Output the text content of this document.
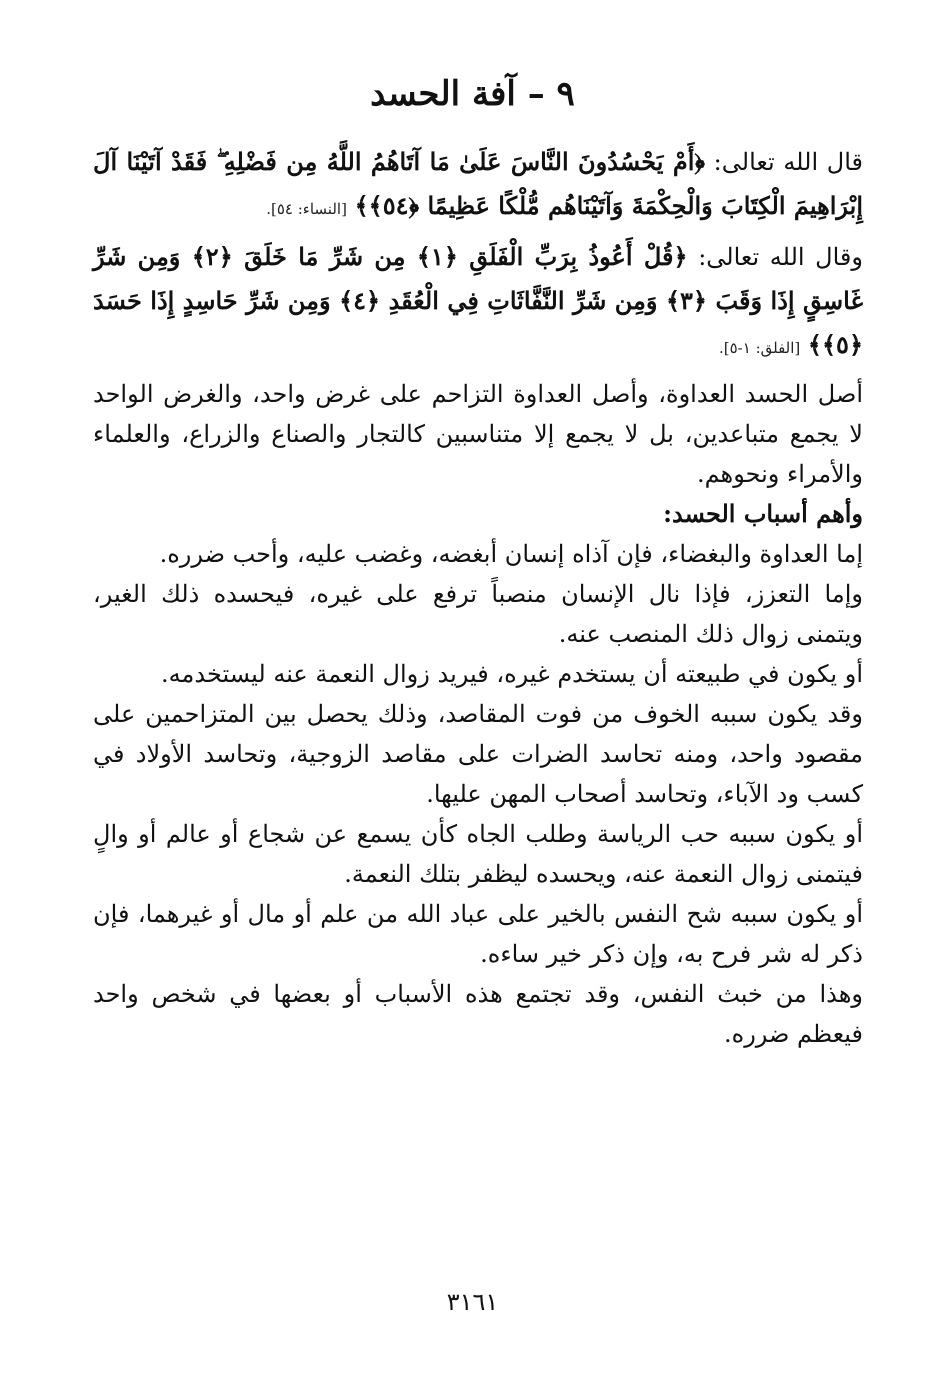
٩ – آفة الحسد

قال الله تعالى: ﴿أَمْ يَحْسُدُونَ النَّاسَ عَلَىٰ مَا آتَاهُمُ اللَّهُ مِن فَضْلِهِ ۖ فَقَدْ آتَيْنَا آلَ إِبْرَاهِيمَ الْكِتَابَ وَالْحِكْمَةَ وَآتَيْنَاهُم مُّلْكًا عَظِيمًا ﴿٥٤﴾﴾ [النساء: ٥٤].

وقال الله تعالى: ﴿قُلْ أَعُوذُ بِرَبِّ الْفَلَقِ ﴿١﴾ مِن شَرِّ مَا خَلَقَ ﴿٢﴾ وَمِن شَرِّ غَاسِقٍ إِذَا وَقَبَ ﴿٣﴾ وَمِن شَرِّ النَّفَّاثَاتِ فِي الْعُقَدِ ﴿٤﴾ وَمِن شَرِّ حَاسِدٍ إِذَا حَسَدَ ﴿٥﴾﴾ [الفلق: ١-٥].

أصل الحسد العداوة، وأصل العداوة التزاحم على غرض واحد، والغرض الواحد لا يجمع متباعدين، بل لا يجمع إلا متناسبين كالتجار والصناع والزراع، والعلماء والأمراء ونحوهم.

وأهم أسباب الحسد:

إما العداوة والبغضاء، فإن آذاه إنسان أبغضه، وغضب عليه، وأحب ضرره.

وإما التعزز، فإذا نال الإنسان منصباً ترفع على غيره، فيحسده ذلك الغير، ويتمنى زوال ذلك المنصب عنه.

أو يكون في طبيعته أن يستخدم غيره، فيريد زوال النعمة عنه ليستخدمه.

وقد يكون سببه الخوف من فوت المقاصد، وذلك يحصل بين المتزاحمين على مقصود واحد، ومنه تحاسد الضرات على مقاصد الزوجية، وتحاسد الأولاد في كسب ود الآباء، وتحاسد أصحاب المهن عليها.

أو يكون سببه حب الرياسة وطلب الجاه كأن يسمع عن شجاع أو عالم أو والٍ فيتمنى زوال النعمة عنه، ويحسده ليظفر بتلك النعمة.

أو يكون سببه شح النفس بالخير على عباد الله من علم أو مال أو غيرهما، فإن ذكر له شر فرح به، وإن ذكر خير ساءه.

وهذا من خبث النفس، وقد تجتمع هذه الأسباب أو بعضها في شخص واحد فيعظم ضرره.

٣١٦١
